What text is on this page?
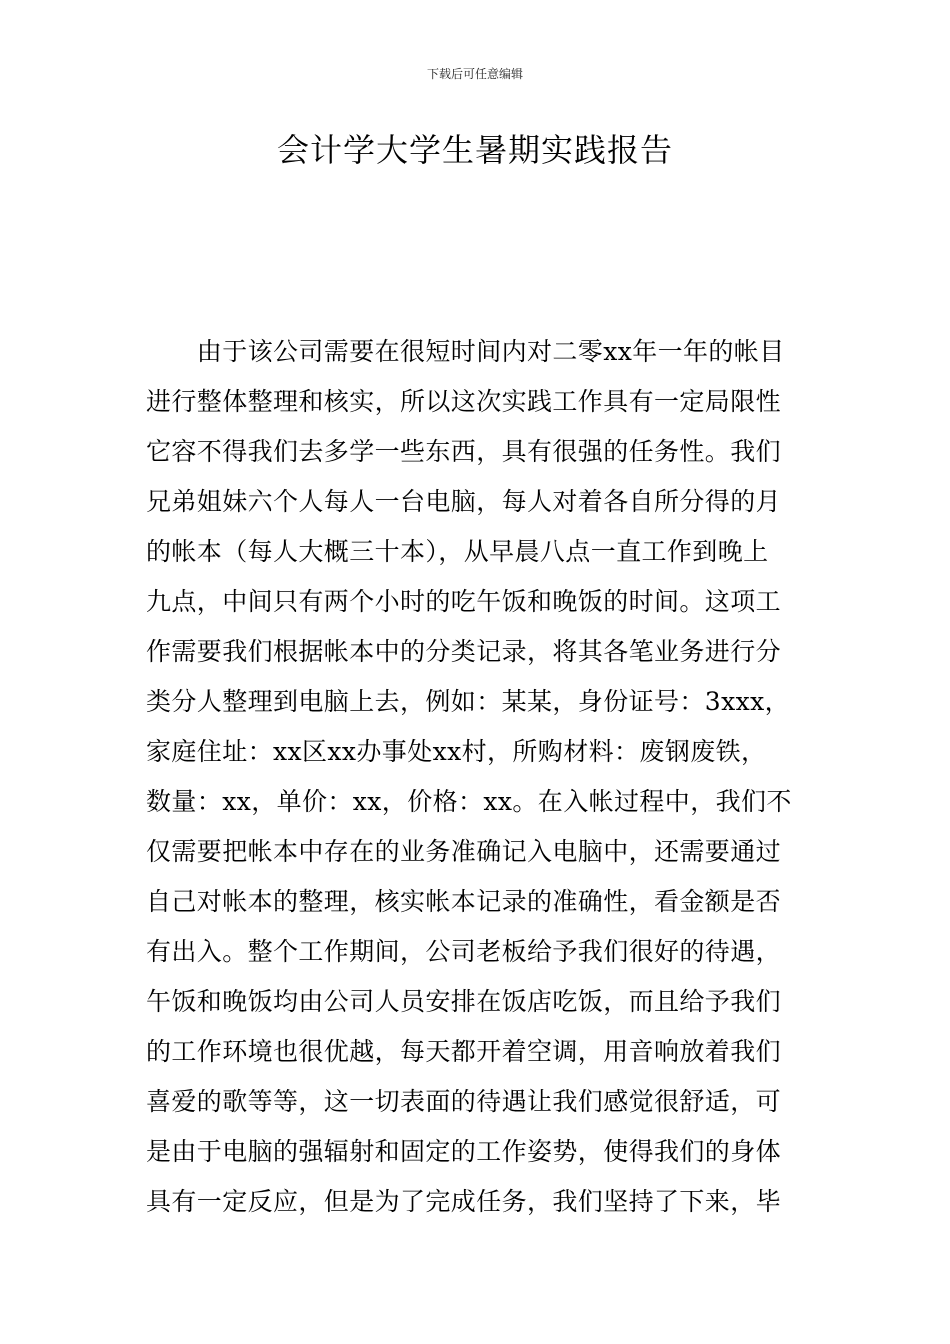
下载后可任意编辑
会计学大学生暑期实践报告
　　由于该公司需要在很短时间内对二零xx年一年的帐目
进行整体整理和核实，所以这次实践工作具有一定局限性
它容不得我们去多学一些东西，具有很强的任务性。我们
兄弟姐妹六个人每人一台电脑，每人对着各自所分得的月
的帐本（每人大概三十本），从早晨八点一直工作到晚上
九点，中间只有两个小时的吃午饭和晚饭的时间。这项工
作需要我们根据帐本中的分类记录，将其各笔业务进行分
类分人整理到电脑上去，例如：某某，身份证号：3xxx，
家庭住址：xx区xx办事处xx村，所购材料：废钢废铁，
数量：xx，单价：xx，价格：xx。在入帐过程中，我们不
仅需要把帐本中存在的业务准确记入电脑中，还需要通过
自己对帐本的整理，核实帐本记录的准确性，看金额是否
有出入。整个工作期间，公司老板给予我们很好的待遇，
午饭和晚饭均由公司人员安排在饭店吃饭，而且给予我们
的工作环境也很优越，每天都开着空调，用音响放着我们
喜爱的歌等等，这一切表面的待遇让我们感觉很舒适，可
是由于电脑的强辐射和固定的工作姿势，使得我们的身体
具有一定反应，但是为了完成任务，我们坚持了下来，毕
